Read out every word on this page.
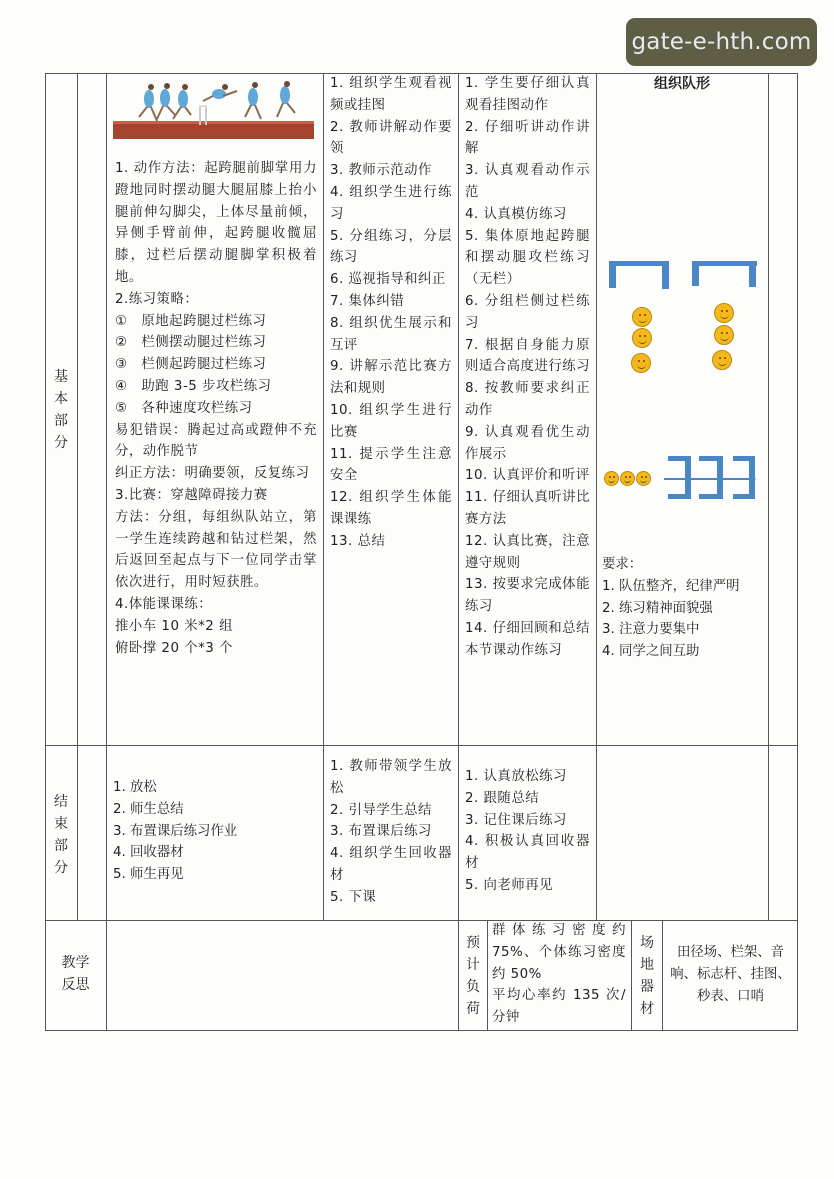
gate-e-hth.com
基
本
部
分
1. 动作方法：起跨腿前脚掌用力蹬地同时摆动腿大腿屈膝上抬小腿前伸勾脚尖，上体尽量前倾，异侧手臂前伸，起跨腿收髋屈膝，过栏后摆动腿脚掌积极着地。
2.练习策略：
①　原地起跨腿过栏练习
②　栏侧摆动腿过栏练习
③　栏侧起跨腿过栏练习
④　助跑 3-5 步攻栏练习
⑤　各种速度攻栏练习
易犯错误：腾起过高或蹬伸不充分，动作脱节
纠正方法：明确要领，反复练习
3.比赛：穿越障碍接力赛
方法：分组，每组纵队站立，第一学生连续跨越和钻过栏架，然后返回至起点与下一位同学击掌依次进行，用时短获胜。
4.体能课课练：
推小车 10 米*2 组
俯卧撑 20 个*3 个
1. 组织学生观看视频或挂图
2. 教师讲解动作要领
3. 教师示范动作
4. 组织学生进行练习
5. 分组练习，分层练习
6. 巡视指导和纠正
7. 集体纠错
8. 组织优生展示和互评
9. 讲解示范比赛方法和规则
10. 组织学生进行比赛
11. 提示学生注意安全
12. 组织学生体能课课练
13. 总结
1. 学生要仔细认真观看挂图动作
2. 仔细听讲动作讲解
3. 认真观看动作示范
4. 认真模仿练习
5. 集体原地起跨腿和摆动腿攻栏练习（无栏）
6. 分组栏侧过栏练习
7. 根据自身能力原则适合高度进行练习
8. 按教师要求纠正动作
9. 认真观看优生动作展示
10. 认真评价和听评
11. 仔细认真听讲比赛方法
12. 认真比赛，注意遵守规则
13. 按要求完成体能练习
14. 仔细回顾和总结本节课动作练习
组织队形
要求：
1. 队伍整齐，纪律严明
2. 练习精神面貌强
3. 注意力要集中
4. 同学之间互助
结
束
部
分
1. 放松
2. 师生总结
3. 布置课后练习作业
4. 回收器材
5. 师生再见
1. 教师带领学生放松
2. 引导学生总结
3. 布置课后练习
4. 组织学生回收器材
5. 下课
1. 认真放松练习
2. 跟随总结
3. 记住课后练习
4. 积极认真回收器材
5. 向老师再见
教学
反思
预
计
负
荷
群体练习密度约75%、个体练习密度约 50%
平均心率约 135 次/分钟
场
地
器
材
田径场、栏架、音响、标志杆、挂图、秒表、口哨
